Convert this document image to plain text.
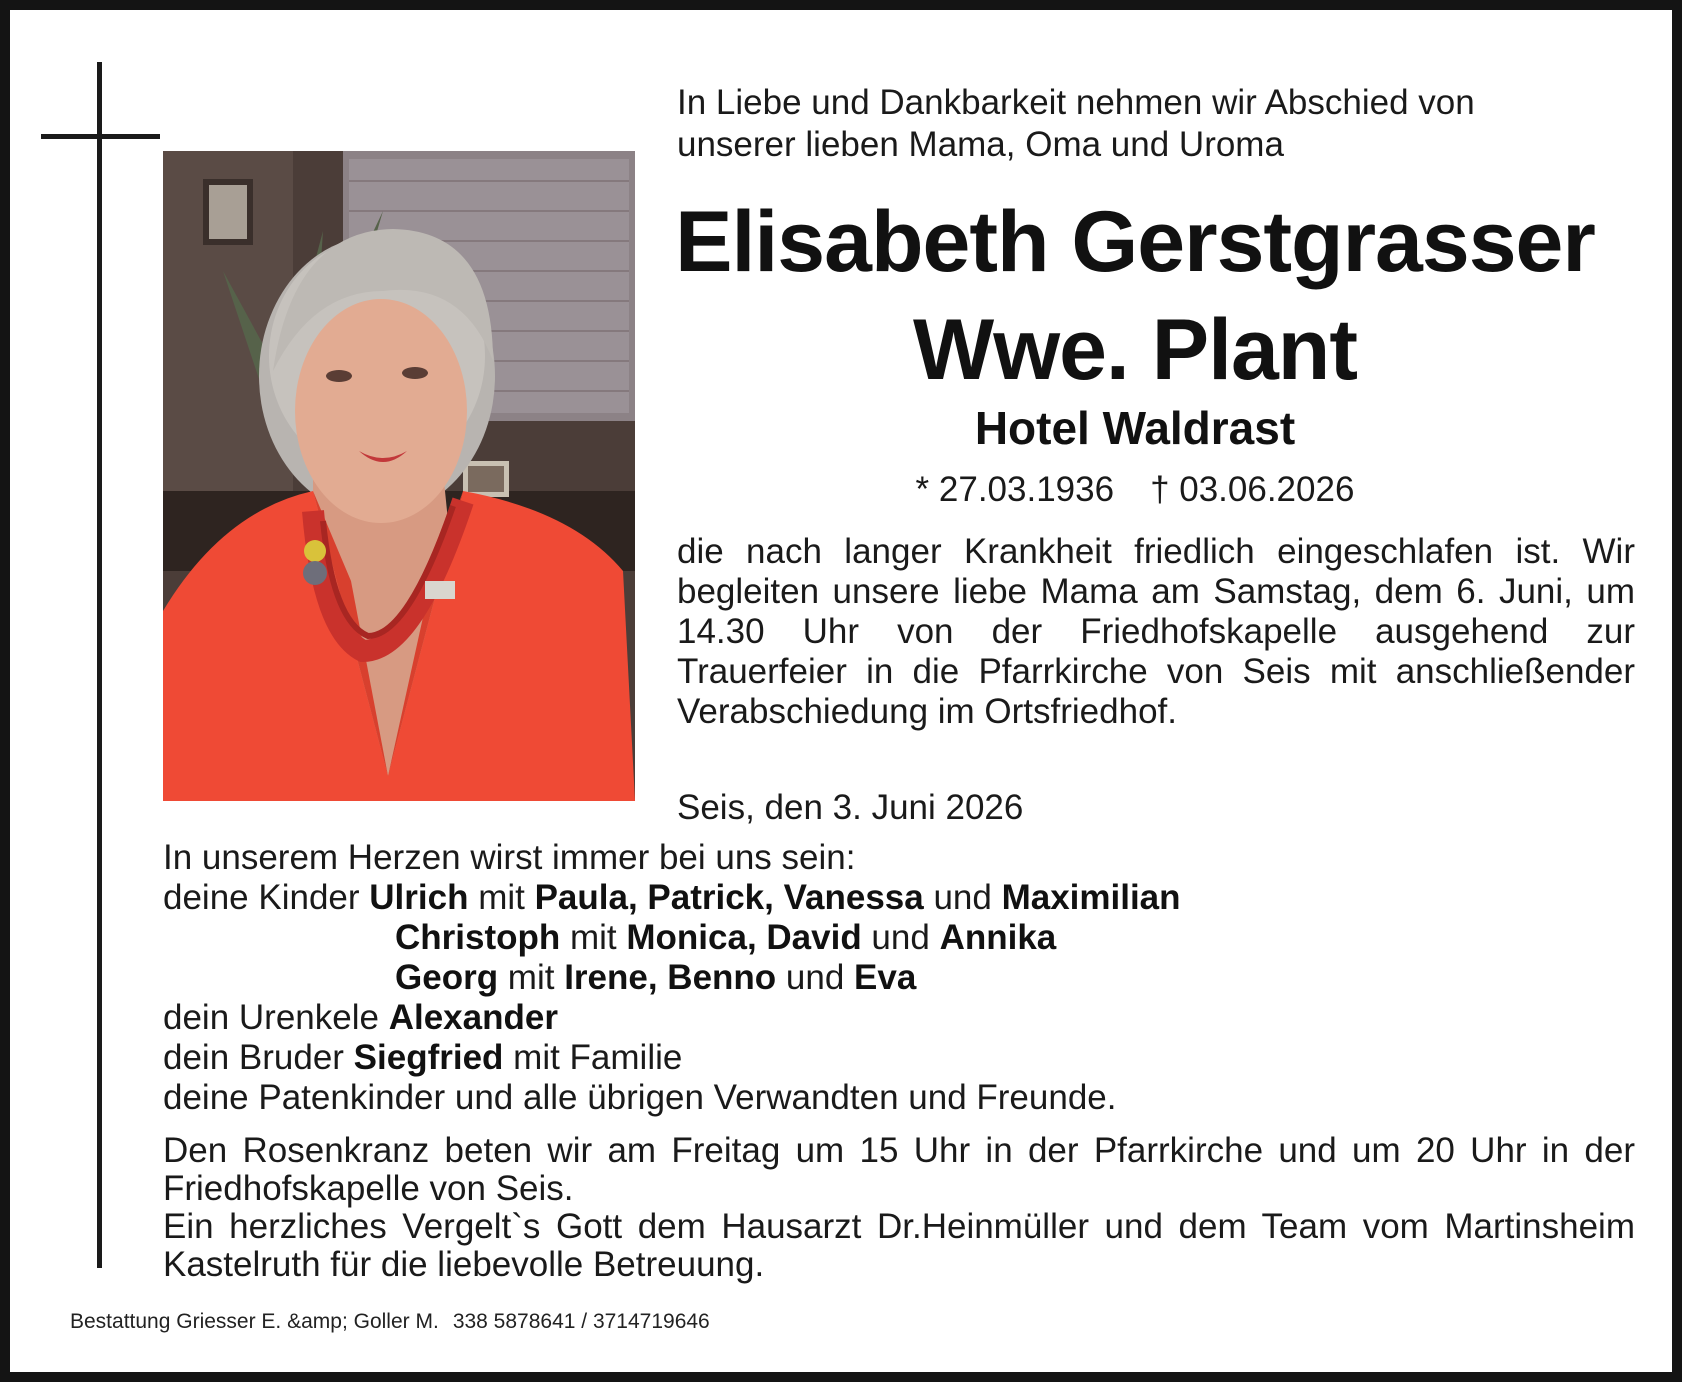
In Liebe und Dankbarkeit nehmen wir Abschied von
unserer lieben Mama, Oma und Uroma
Elisabeth Gerstgrasser
Wwe. Plant
Hotel Waldrast
* 27.03.1936 † 03.06.2026
die nach langer Krankheit friedlich eingeschlafen ist. Wir begleiten unsere liebe Mama am Samstag, dem 6. Juni, um 14.30 Uhr von der Friedhofskapelle ausgehend zur Trauerfeier in die Pfarrkirche von Seis mit anschließender Verabschiedung im Ortsfriedhof.
Seis, den 3. Juni 2026
In unserem Herzen wirst immer bei uns sein:
deine Kinder Ulrich mit Paula, Patrick, Vanessa und Maximilian
Christoph mit Monica, David und Annika
Georg mit Irene, Benno und Eva
dein Urenkele Alexander
dein Bruder Siegfried mit Familie
deine Patenkinder und alle übrigen Verwandten und Freunde.

Den Rosenkranz beten wir am Freitag um 15 Uhr in der Pfarrkirche und um 20 Uhr in der Friedhofskapelle von Seis.

Ein herzliches Vergelt`s Gott dem Hausarzt Dr.Heinmüller und dem Team vom Martinsheim Kastelruth für die liebevolle Betreuung.

Bestattung Griesser E. &amp; Goller M. 338 5878641 / 3714719646
